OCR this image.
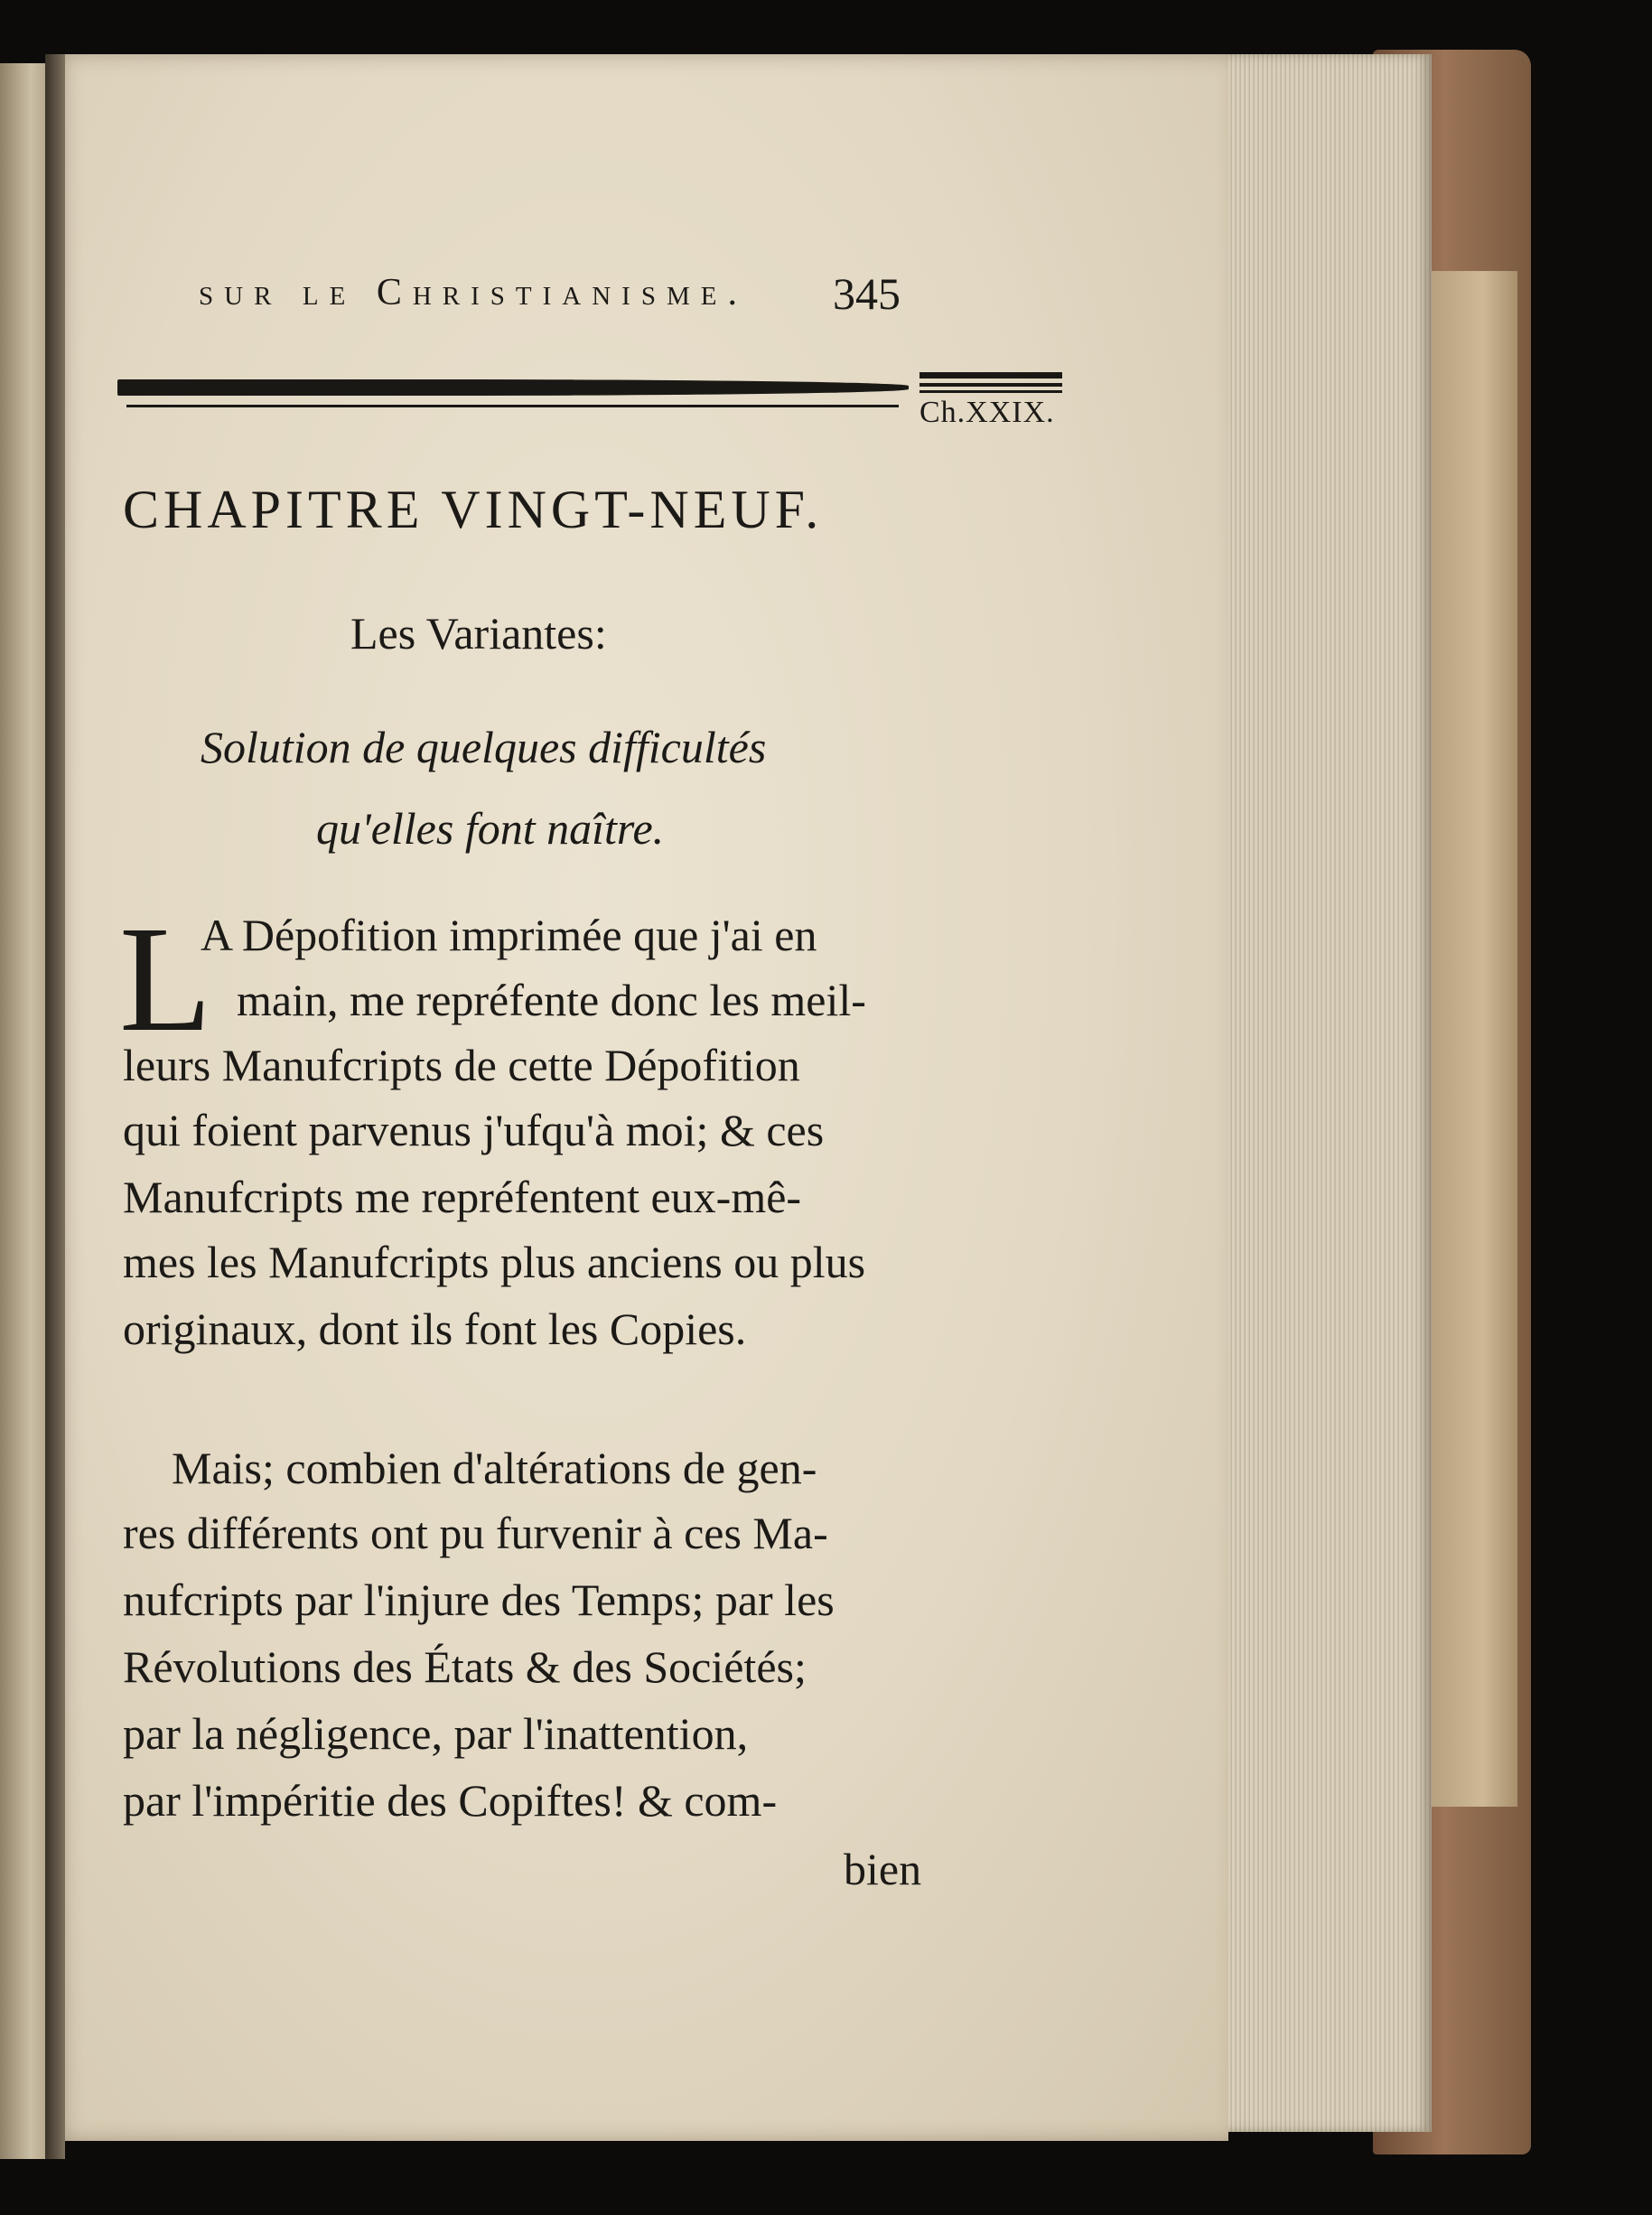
sur le Christianisme. 345
Ch.XXIX.
CHAPITRE VINGT-NEUF.
Les Variantes:
Solution de quelques difficultés
qu'elles font naître.
L
A Dépofition imprimée que j'ai en
main, me repréfente donc les meil-
leurs Manufcripts de cette Dépofition
qui foient parvenus j'ufqu'à moi; & ces
Manufcripts me repréfentent eux-mê-
mes les Manufcripts plus anciens ou plus
originaux, dont ils font les Copies.
Mais; combien d'altérations de gen-
res différents ont pu furvenir à ces Ma-
nufcripts par l'injure des Temps; par les
Révolutions des États & des Sociétés;
par la négligence, par l'inattention,
par l'impéritie des Copiftes! & com-
bien
